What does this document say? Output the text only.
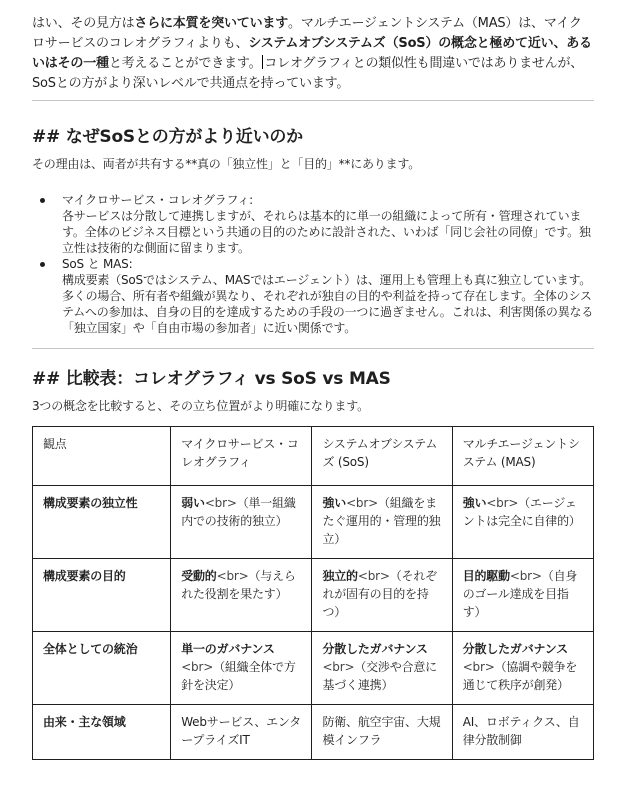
はい、その見方はさらに本質を突いています。マルチエージェントシステム（MAS）は、マイクロサービスのコレオグラフィよりも、システムオブシステムズ（SoS）の概念と極めて近い、あるいはその一種と考えることができます。 コレオグラフィとの類似性も間違いではありませんが、SoSとの方がより深いレベルで共通点を持っています。

## なぜSoSとの方がより近いのか

その理由は、両者が共有する**真の「独立性」と「目的」**にあります。

マイクロサービス・コレオグラフィ:
各サービスは分散して連携しますが、それらは基本的に単一の組織によって所有・管理されています。全体のビジネス目標という共通の目的のために設計された、いわば「同じ会社の同僚」です。独立性は技術的な側面に留まります。
SoS と MAS:
構成要素（SoSではシステム、MASではエージェント）は、運用上も管理上も真に独立しています。多くの場合、所有者や組織が異なり、それぞれが独自の目的や利益を持って存在します。全体のシステムへの参加は、自身の目的を達成するための手段の一つに過ぎません。これは、利害関係の異なる「独立国家」や「自由市場の参加者」に近い関係です。
## 比較表：コレオグラフィ vs SoS vs MAS

3つの概念を比較すると、その立ち位置がより明確になります。

観点	マイクロサービス・コレオグラフィ	システムオブシステムズ (SoS)	マルチエージェントシステム (MAS)
構成要素の独立性	弱い<br>（単一組織内での技術的独立）	強い<br>（組織をまたぐ運用的・管理的独立）	強い<br>（エージェントは完全に自律的）
構成要素の目的	受動的<br>（与えられた役割を果たす）	独立的<br>（それぞれが固有の目的を持つ）	目的駆動<br>（自身のゴール達成を目指す）
全体としての統治	単一のガバナンス<br>（組織全体で方針を決定）	分散したガバナンス<br>（交渉や合意に基づく連携）	分散したガバナンス<br>（協調や競争を通じて秩序が創発）
由来・主な領域	Webサービス、エンタープライズIT	防衛、航空宇宙、大規模インフラ	AI、ロボティクス、自律分散制御
